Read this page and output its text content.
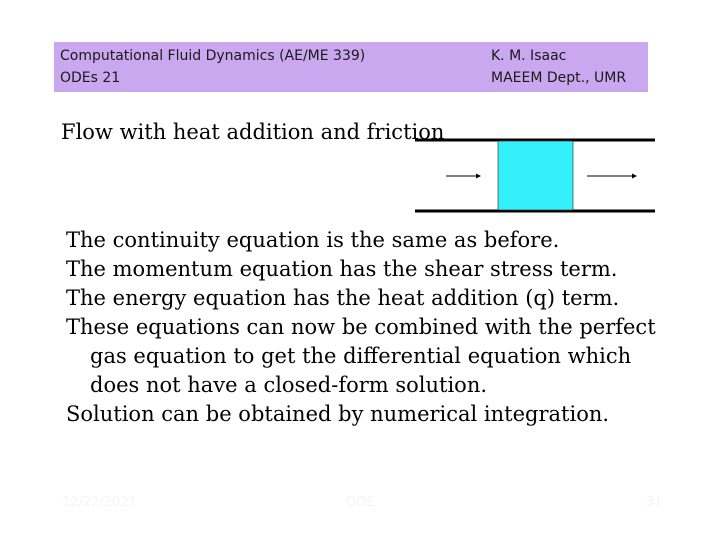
Computational Fluid Dynamics (AE/ME 339)
ODEs 21
K. M. Isaac
MAEEM Dept., UMR
Flow with heat addition and friction

The continuity equation is the same as before.

The momentum equation has the shear stress term.

The energy equation has the heat addition (q) term.

These equations can now be combined with the perfect gas equation to get the differential equation which does not have a closed-form solution.

Solution can be obtained by numerical integration.

12/22/2021	ODE	31
